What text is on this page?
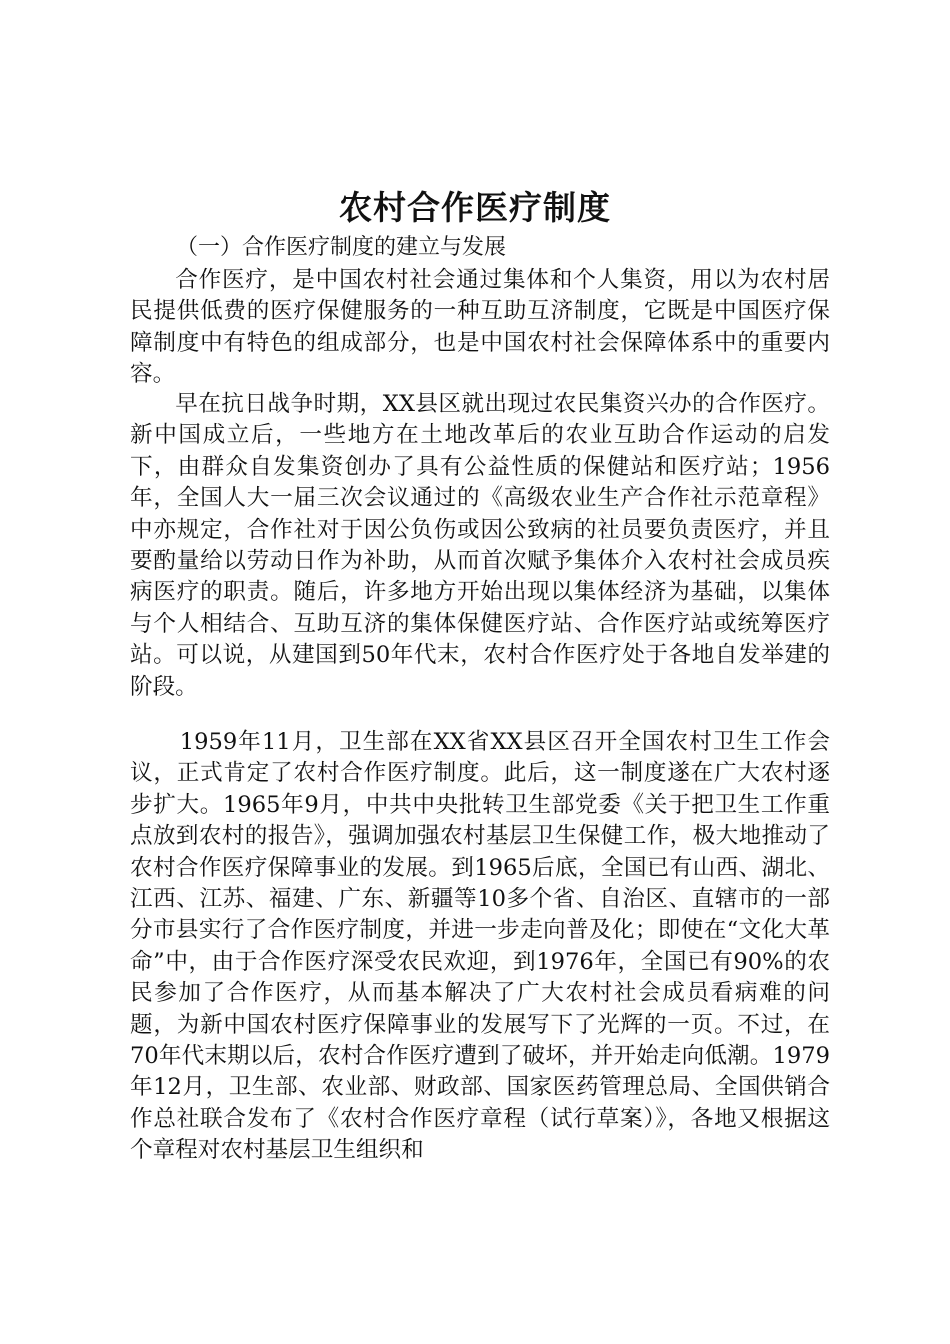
农村合作医疗制度
（一）合作医疗制度的建立与发展

合作医疗，是中国农村社会通过集体和个人集资，用以为农村居民提供低费的医疗保健服务的一种互助互济制度，它既是中国医疗保障制度中有特色的组成部分，也是中国农村社会保障体系中的重要内容。

早在抗日战争时期，XX县区就出现过农民集资兴办的合作医疗。新中国成立后，一些地方在土地改革后的农业互助合作运动的启发下，由群众自发集资创办了具有公益性质的保健站和医疗站；1956年，全国人大一届三次会议通过的《高级农业生产合作社示范章程》中亦规定，合作社对于因公负伤或因公致病的社员要负责医疗，并且要酌量给以劳动日作为补助，从而首次赋予集体介入农村社会成员疾病医疗的职责。随后，许多地方开始出现以集体经济为基础，以集体与个人相结合、互助互济的集体保健医疗站、合作医疗站或统筹医疗站。可以说，从建国到50年代末，农村合作医疗处于各地自发举建的阶段。

1959年11月，卫生部在XX省XX县区召开全国农村卫生工作会议，正式肯定了农村合作医疗制度。此后，这一制度遂在广大农村逐步扩大。1965年9月，中共中央批转卫生部党委《关于把卫生工作重点放到农村的报告》，强调加强农村基层卫生保健工作，极大地推动了农村合作医疗保障事业的发展。到1965后底，全国已有山西、湖北、江西、江苏、福建、广东、新疆等10多个省、自治区、直辖市的一部分市县实行了合作医疗制度，并进一步走向普及化；即使在“文化大革命”中，由于合作医疗深受农民欢迎，到1976年，全国已有90%的农民参加了合作医疗，从而基本解决了广大农村社会成员看病难的问题，为新中国农村医疗保障事业的发展写下了光辉的一页。不过，在70年代末期以后，农村合作医疗遭到了破坏，并开始走向低潮。1979年12月，卫生部、农业部、财政部、国家医药管理总局、全国供销合作总社联合发布了《农村合作医疗章程（试行草案）》，各地又根据这个章程对农村基层卫生组织和
